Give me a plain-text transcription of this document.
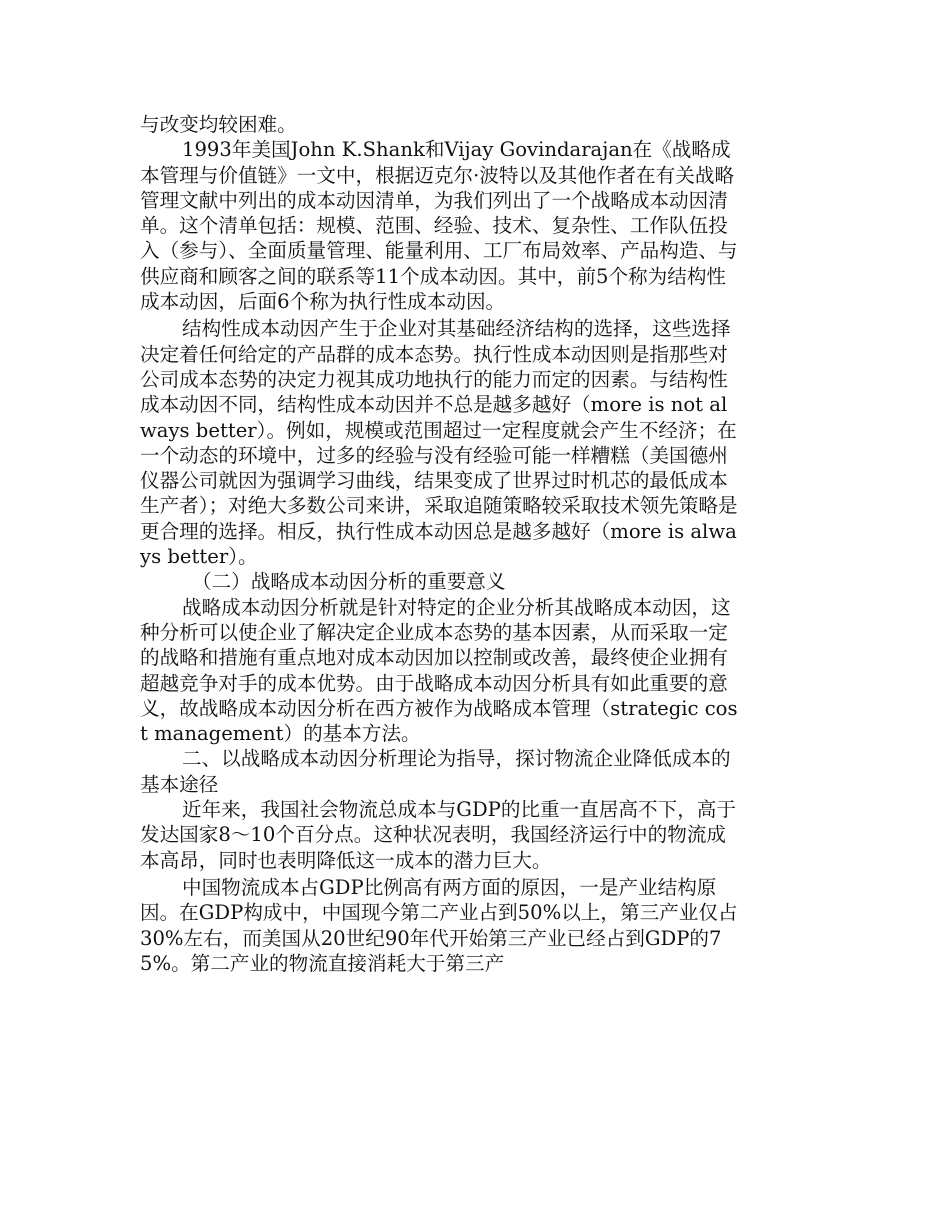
与改变均较困难。

1993年美国John K.Shank和Vijay Govindarajan在《战略成本管理与价值链》一文中，根据迈克尔·波特以及其他作者在有关战略管理文献中列出的成本动因清单，为我们列出了一个战略成本动因清单。这个清单包括：规模、范围、经验、技术、复杂性、工作队伍投入（参与）、全面质量管理、能量利用、工厂布局效率、产品构造、与供应商和顾客之间的联系等11个成本动因。其中，前5个称为结构性成本动因，后面6个称为执行性成本动因。

结构性成本动因产生于企业对其基础经济结构的选择，这些选择决定着任何给定的产品群的成本态势。执行性成本动因则是指那些对公司成本态势的决定力视其成功地执行的能力而定的因素。与结构性成本动因不同，结构性成本动因并不总是越多越好（more is not always better）。例如，规模或范围超过一定程度就会产生不经济；在一个动态的环境中，过多的经验与没有经验可能一样糟糕（美国德州仪器公司就因为强调学习曲线，结果变成了世界过时机芯的最低成本生产者）；对绝大多数公司来讲，采取追随策略较采取技术领先策略是更合理的选择。相反，执行性成本动因总是越多越好（more is always better）。

（二）战略成本动因分析的重要意义

战略成本动因分析就是针对特定的企业分析其战略成本动因，这种分析可以使企业了解决定企业成本态势的基本因素，从而采取一定的战略和措施有重点地对成本动因加以控制或改善，最终使企业拥有超越竞争对手的成本优势。由于战略成本动因分析具有如此重要的意义，故战略成本动因分析在西方被作为战略成本管理（strategic cost management）的基本方法。

二、以战略成本动因分析理论为指导，探讨物流企业降低成本的基本途径

近年来，我国社会物流总成本与GDP的比重一直居高不下，高于发达国家8～10个百分点。这种状况表明，我国经济运行中的物流成本高昂，同时也表明降低这一成本的潜力巨大。

中国物流成本占GDP比例高有两方面的原因，一是产业结构原因。在GDP构成中，中国现今第二产业占到50%以上，第三产业仅占30%左右，而美国从20世纪90年代开始第三产业已经占到GDP的75%。第二产业的物流直接消耗大于第三产
